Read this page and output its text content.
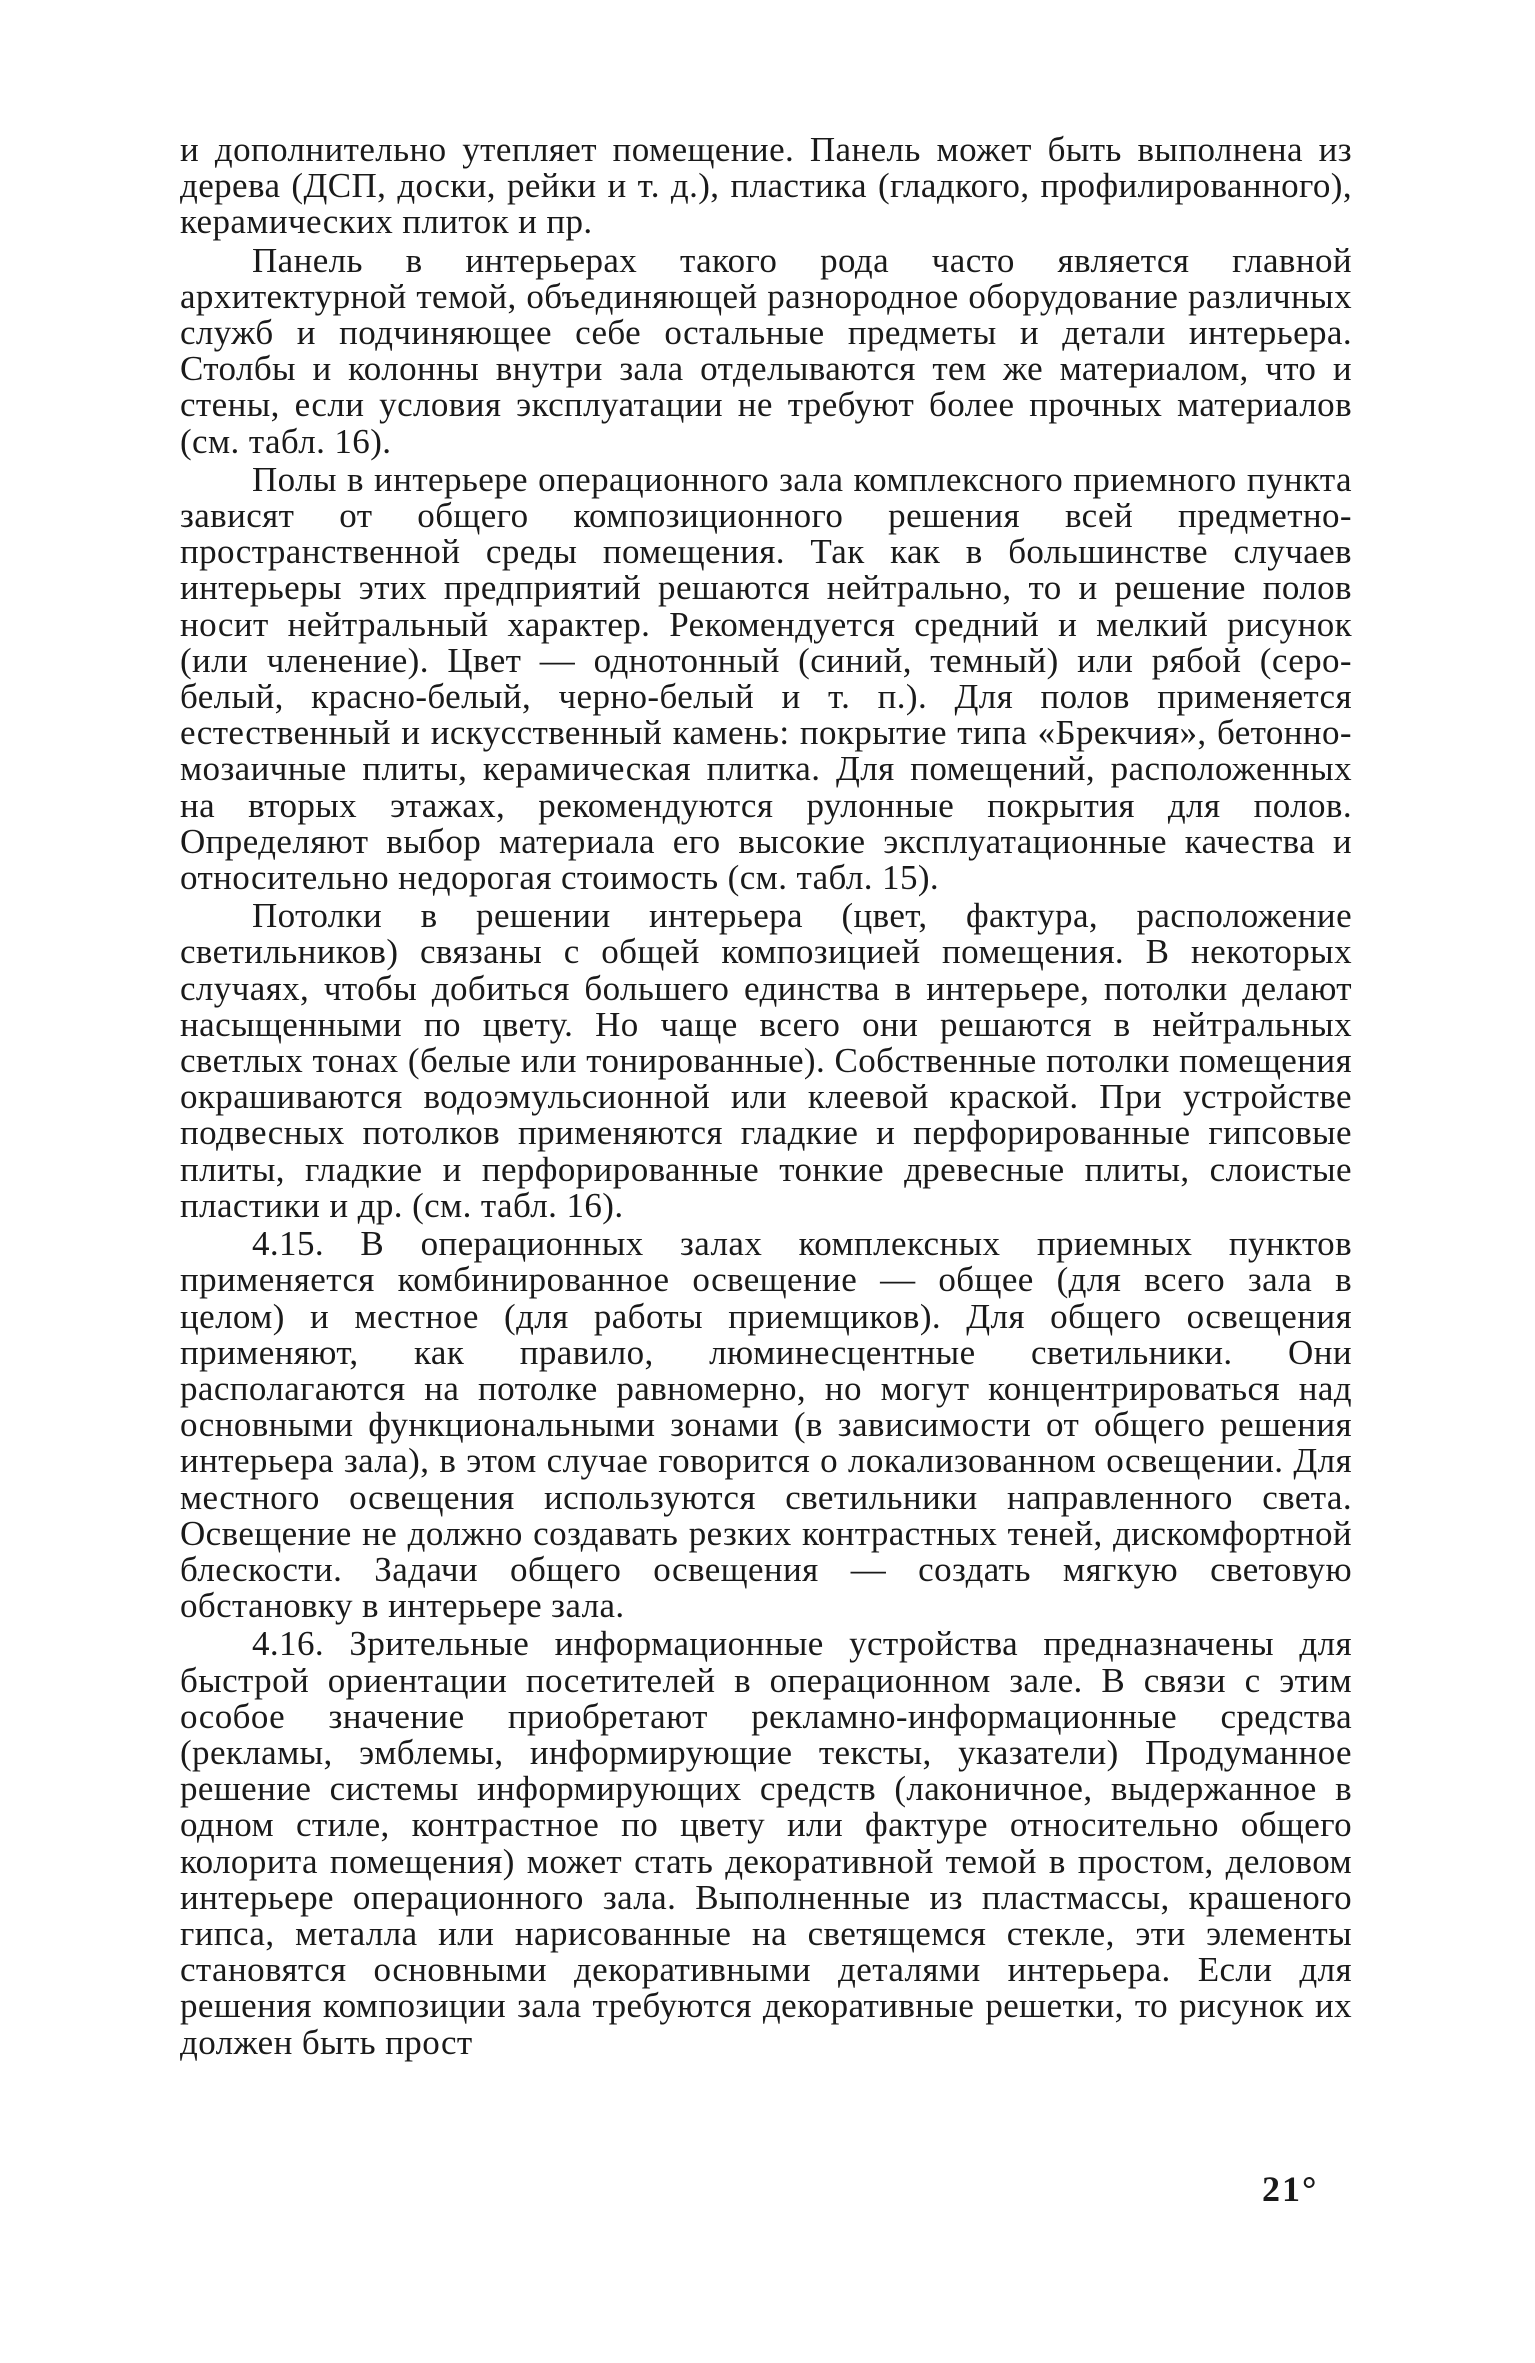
и дополнительно утепляет помещение. Панель может быть выполнена из дерева (ДСП, доски, рейки и т. д.), пластика (гладкого, профилированного), керамических плиток и пр.

Панель в интерьерах такого рода часто является главной архитектурной темой, объединяющей разнородное оборудование различных служб и подчиняющее себе остальные предметы и детали интерьера. Столбы и колонны внутри зала отделываются тем же материалом, что и стены, если условия эксплуатации не требуют более прочных материалов (см. табл. 16).

Полы в интерьере операционного зала комплексного приемного пункта зависят от общего композиционного решения всей предметно-пространственной среды помещения. Так как в большинстве случаев интерьеры этих предприятий решаются нейтрально, то и решение полов носит нейтральный характер. Рекомендуется средний и мелкий рисунок (или членение). Цвет — однотонный (синий, темный) или рябой (серо-белый, красно-белый, черно-белый и т. п.). Для полов применяется естественный и искусственный камень: покрытие типа «Брекчия», бетонно-мозаичные плиты, керамическая плитка. Для помещений, расположенных на вторых этажах, рекомендуются рулонные покрытия для полов. Определяют выбор материала его высокие эксплуатационные качества и относительно недорогая стоимость (см. табл. 15).

Потолки в решении интерьера (цвет, фактура, расположение светильников) связаны с общей композицией помещения. В некоторых случаях, чтобы добиться большего единства в интерьере, потолки делают насыщенными по цвету. Но чаще всего они решаются в нейтральных светлых тонах (белые или тонированные). Собственные потолки помещения окрашиваются водоэмульсионной или клеевой краской. При устройстве подвесных потолков применяются гладкие и перфорированные гипсовые плиты, гладкие и перфорированные тонкие древесные плиты, слоистые пластики и др. (см. табл. 16).

4.15. В операционных залах комплексных приемных пунктов применяется комбинированное освещение — общее (для всего зала в целом) и местное (для работы приемщиков). Для общего освещения применяют, как правило, люминесцентные светильники. Они располагаются на потолке равномерно, но могут концентрироваться над основными функциональными зонами (в зависимости от общего решения интерьера зала), в этом случае говорится о локализованном освещении. Для местного освещения используются светильники направленного света. Освещение не должно создавать резких контрастных теней, дискомфортной блескости. Задачи общего освещения — создать мягкую световую обстановку в интерьере зала.

4.16. Зрительные информационные устройства предназначены для быстрой ориентации посетителей в операционном зале. В связи с этим особое значение приобретают рекламно-информационные средства (рекламы, эмблемы, информирующие тексты, указатели) Продуманное решение системы информирующих средств (лаконичное, выдержанное в одном стиле, контрастное по цвету или фактуре относительно общего колорита помещения) может стать декоративной темой в простом, деловом интерьере операционного зала. Выполненные из пластмассы, крашеного гипса, металла или нарисованные на светящемся стекле, эти элементы становятся основными декоративными деталями интерьера. Если для решения композиции зала требуются декоративные решетки, то рисунок их должен быть прост

21°
